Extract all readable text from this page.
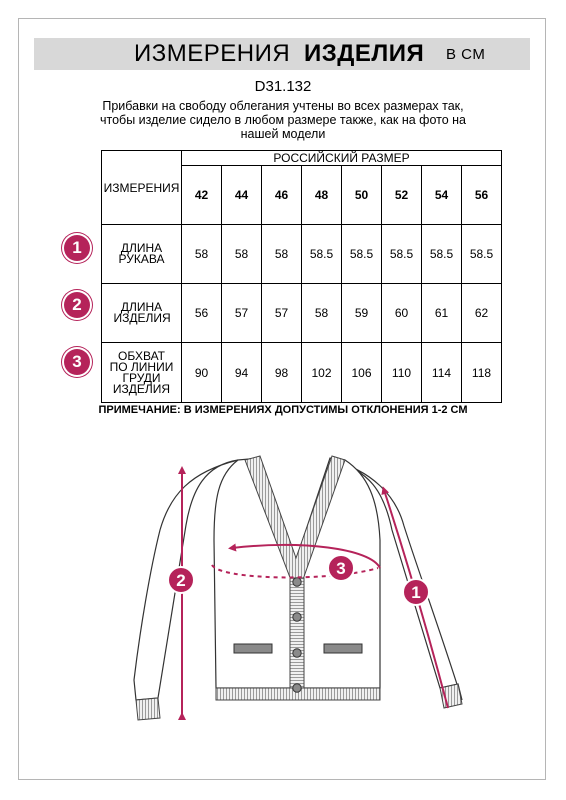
ИЗМЕРЕНИЯ ИЗДЕЛИЯ В СМ
D31.132
Прибавки на свободу облегания учтены во всех размерах так, чтобы изделие сидело в любом размере также, как на фото на нашей модели
ИЗМЕРЕНИЯ	РОССИЙСКИЙ РАЗМЕР							
	42	44	46	48	50	52	54	56
ДЛИНА РУКАВА	58	58	58	58.5	58.5	58.5	58.5	58.5

ДЛИНА ИЗДЕЛИЯ	56	57	57	58	59	60	61	62

ОБХВАТ ПО ЛИНИИ ГРУДИ ИЗДЕЛИЯ	90	94	98	102	106	110	114	118
1
2
3
ПРИМЕЧАНИЕ: В ИЗМЕРЕНИЯХ ДОПУСТИМЫ ОТКЛОНЕНИЯ 1-2 СМ
2
1
3
